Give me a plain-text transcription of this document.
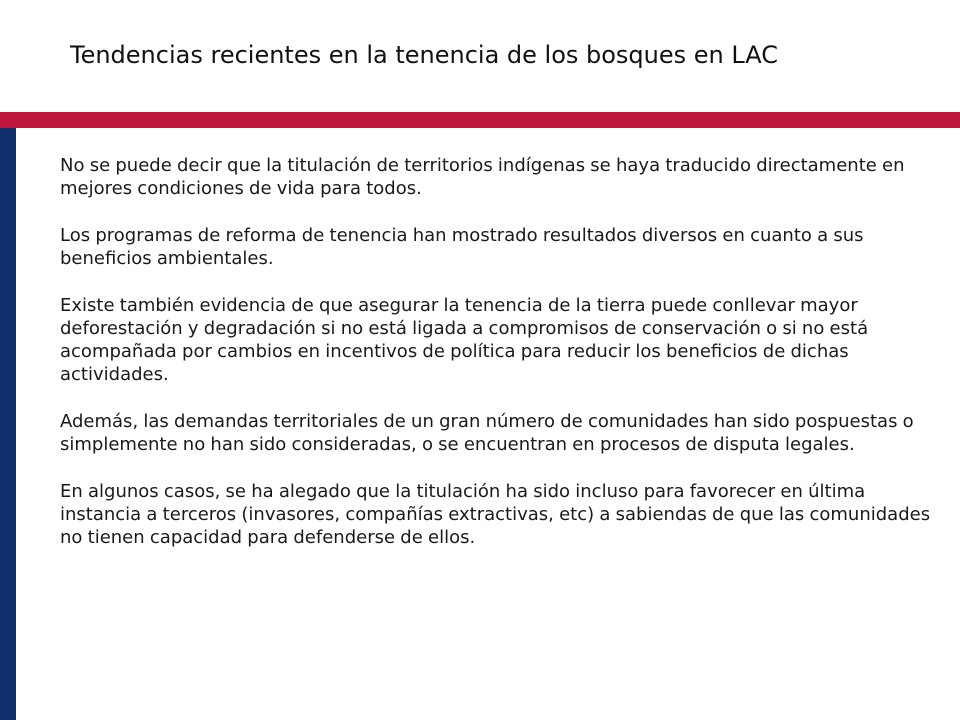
Tendencias recientes en la tenencia de los bosques en LAC

No se puede decir que la titulación de territorios indígenas se haya traducido directamente en mejores condiciones de vida para todos.

Los programas de reforma de tenencia han mostrado resultados diversos en cuanto a sus beneficios ambientales.

Existe también evidencia de que asegurar la tenencia de la tierra puede conllevar mayor deforestación y degradación si no está ligada a compromisos de conservación o si no está acompañada por cambios en incentivos de política para reducir los beneficios de dichas actividades.

Además, las demandas territoriales de un gran número de comunidades han sido pospuestas o simplemente no han sido consideradas, o se encuentran en procesos de disputa legales.

En algunos casos, se ha alegado que la titulación ha sido incluso para favorecer en última instancia a terceros (invasores, compañías extractivas, etc) a sabiendas de que las comunidades no tienen capacidad para defenderse de ellos.
